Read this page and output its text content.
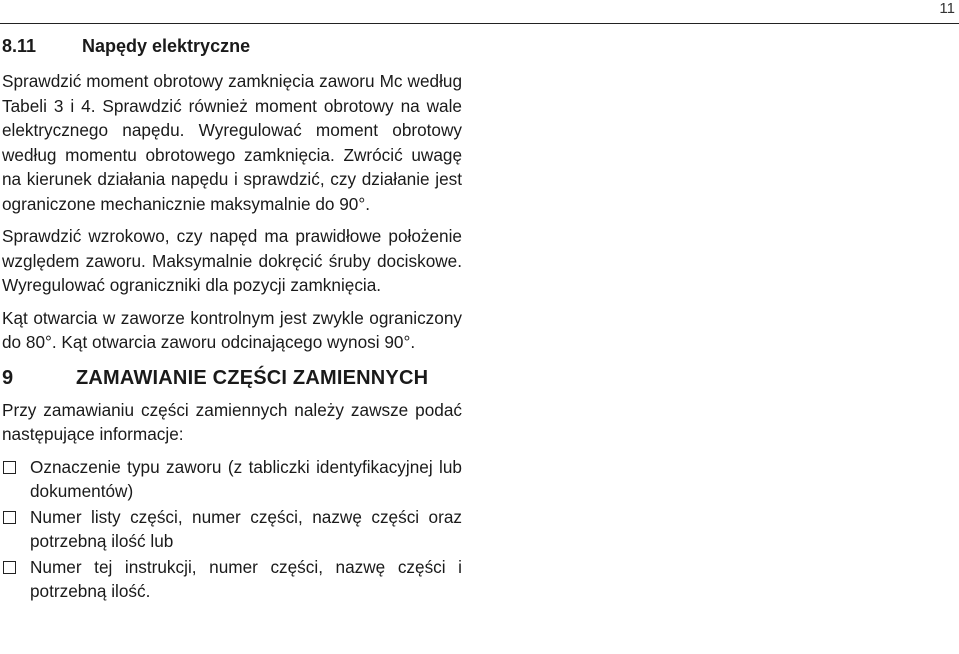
11
8.11	Napędy elektryczne

Sprawdzić moment obrotowy zamknięcia zaworu Mc według Tabeli 3 i 4. Sprawdzić również moment obrotowy na wale elektrycznego napędu. Wyregulować moment obrotowy według momentu obrotowego zamknięcia. Zwrócić uwagę na kierunek działania napędu i sprawdzić, czy działanie jest ograniczone mechanicznie maksymalnie do 90°.

Sprawdzić wzrokowo, czy napęd ma prawidłowe położenie względem zaworu. Maksymalnie dokręcić śruby dociskowe. Wyregulować ograniczniki dla pozycji zamknięcia.

Kąt otwarcia w zaworze kontrolnym jest zwykle ograniczony do 80°. Kąt otwarcia zaworu odcinającego wynosi 90°.

9	ZAMAWIANIE CZĘŚCI ZAMIENNYCH

Przy zamawianiu części zamiennych należy zawsze podać następujące informacje:

Oznaczenie typu zaworu (z tabliczki identyfikacyjnej lub dokumentów)
Numer listy części, numer części, nazwę części oraz potrzebną ilość lub
Numer tej instrukcji, numer części, nazwę części i potrzebną ilość.
